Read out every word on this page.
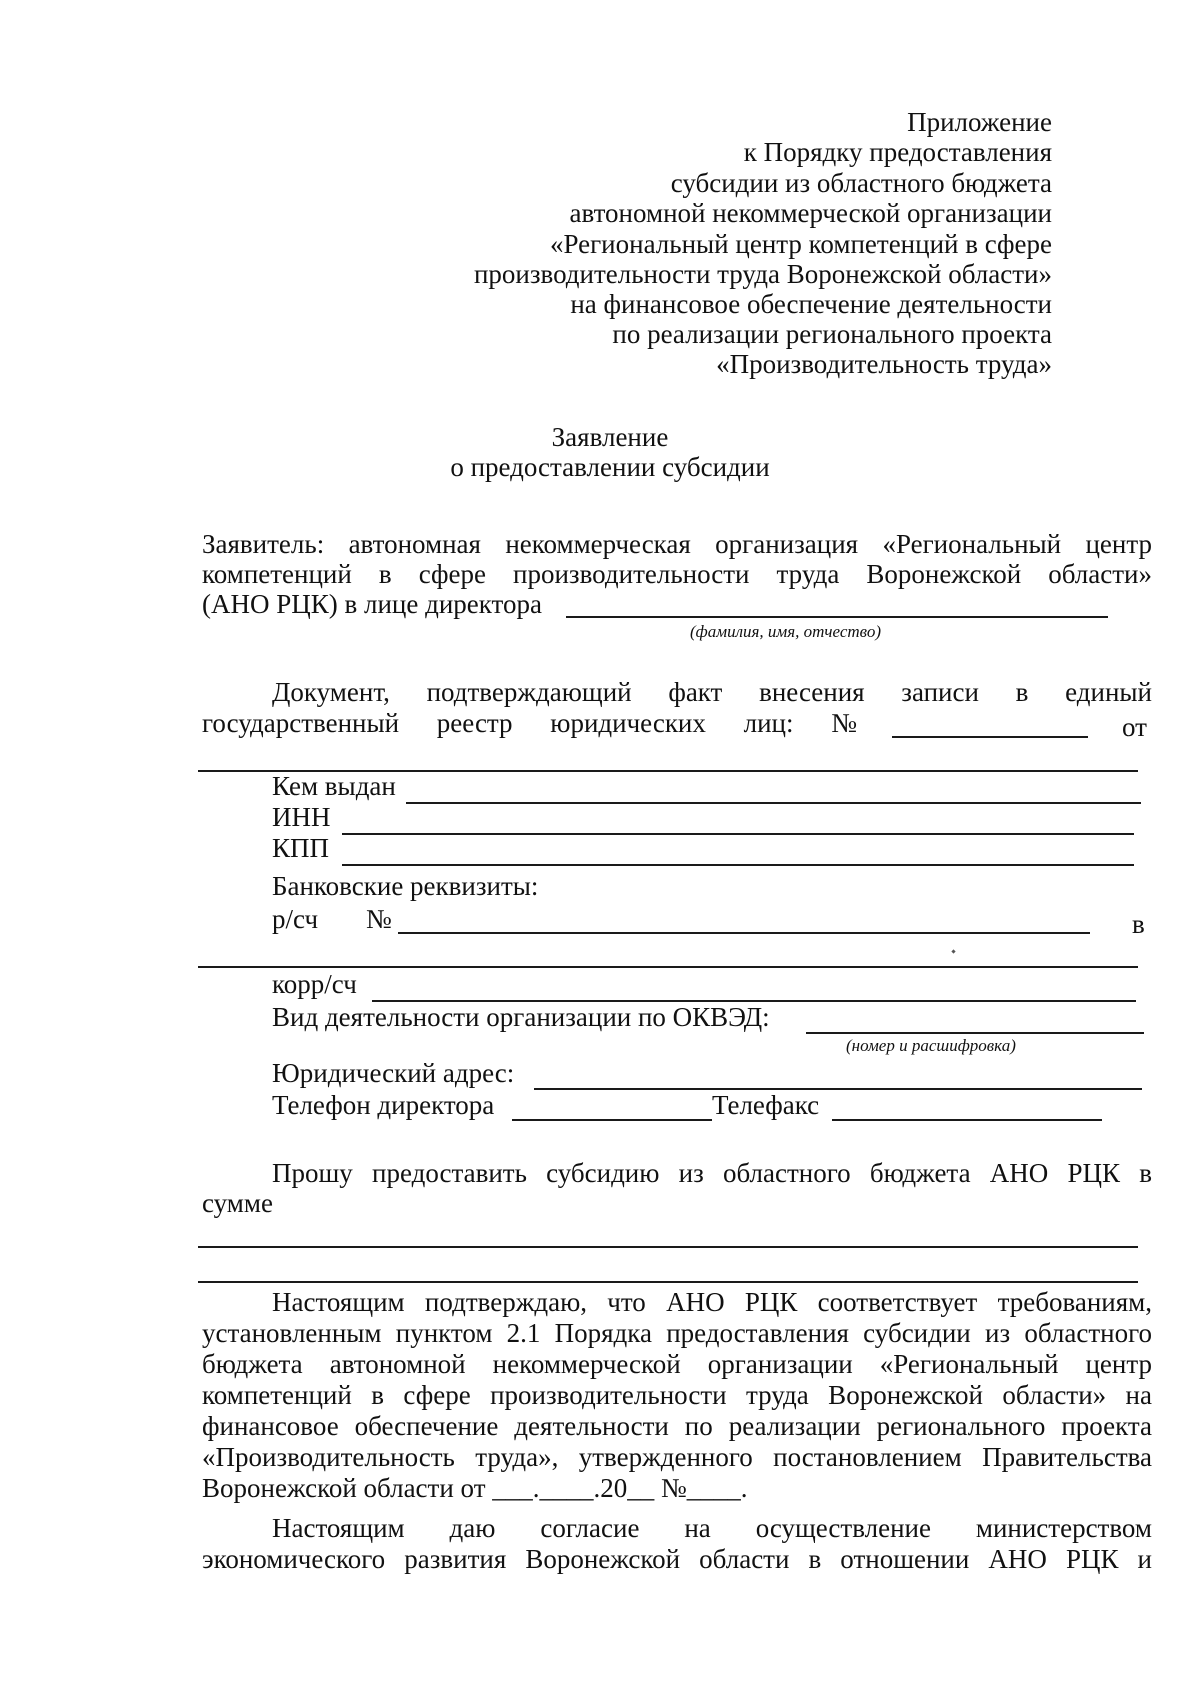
Приложение
к Порядку предоставления
субсидии из областного бюджета
автономной некоммерческой организации
«Региональный центр компетенций в сфере
производительности труда Воронежской области»
на финансовое обеспечение деятельности
по реализации регионального проекта
«Производительность труда»
Заявление
о предоставлении субсидии
Заявитель: автономная некоммерческая организация «Региональный центр
компетенций в сфере производительности труда Воронежской области»
(АНО РЦК) в лице директора
(фамилия, имя, отчество)
Документ, подтверждающий факт внесения записи в единый
государственный реестр юридических лиц: №	от
Кем выдан
ИНН
КПП
Банковские реквизиты:
р/сч №	в
корр/сч
Вид деятельности организации по ОКВЭД:
(номер и расшифровка)
Юридический адрес:
Телефон директора	Телефакс
Прошу предоставить субсидию из областного бюджета АНО РЦК в
сумме
Настоящим подтверждаю, что АНО РЦК соответствует требованиям,
установленным пунктом 2.1 Порядка предоставления субсидии из областного
бюджета автономной некоммерческой организации «Региональный центр
компетенций в сфере производительности труда Воронежской области» на
финансовое обеспечение деятельности по реализации регионального проекта
«Производительность труда», утвержденного постановлением Правительства
Воронежской области от ___.____.20__ №____.
Настоящим даю согласие на осуществление министерством
экономического развития Воронежской области в отношении АНО РЦК и
